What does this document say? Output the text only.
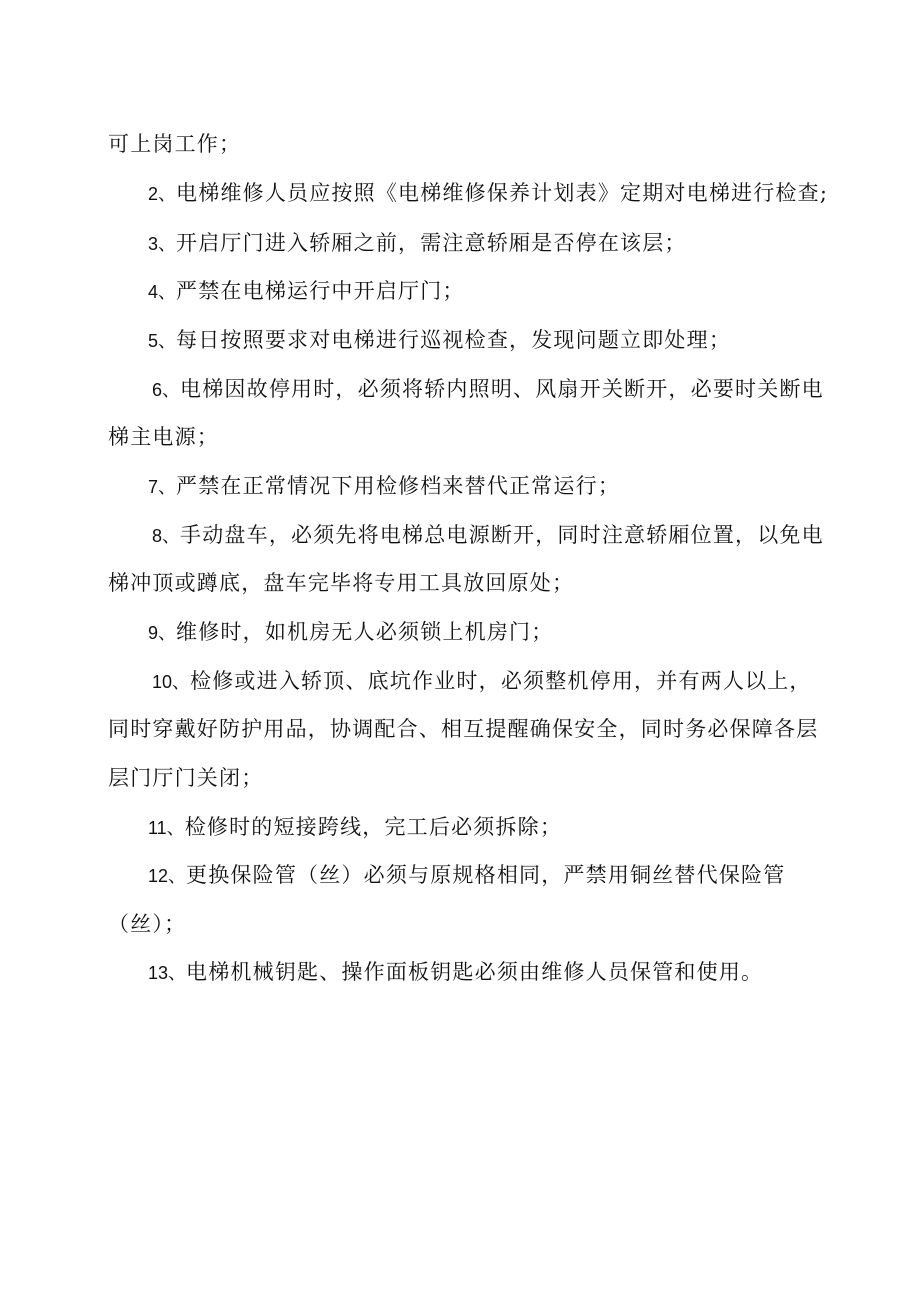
可上岗工作；
2、电梯维修人员应按照《电梯维修保养计划表》定期对电梯进行检查;
3、开启厅门进入轿厢之前，需注意轿厢是否停在该层；
4、严禁在电梯运行中开启厅门；
5、每日按照要求对电梯进行巡视检查，发现问题立即处理；
6、电梯因故停用时，必须将轿内照明、风扇开关断开，必要时关断电
梯主电源；
7、严禁在正常情况下用检修档来替代正常运行；
8、手动盘车，必须先将电梯总电源断开，同时注意轿厢位置，以免电
梯冲顶或蹲底，盘车完毕将专用工具放回原处；
9、维修时，如机房无人必须锁上机房门；
10、检修或进入轿顶、底坑作业时，必须整机停用，并有两人以上，
同时穿戴好防护用品，协调配合、相互提醒确保安全，同时务必保障各层
层门厅门关闭；
11、检修时的短接跨线，完工后必须拆除；
12、更换保险管（丝）必须与原规格相同，严禁用铜丝替代保险管
（丝）；
13、电梯机械钥匙、操作面板钥匙必须由维修人员保管和使用。
